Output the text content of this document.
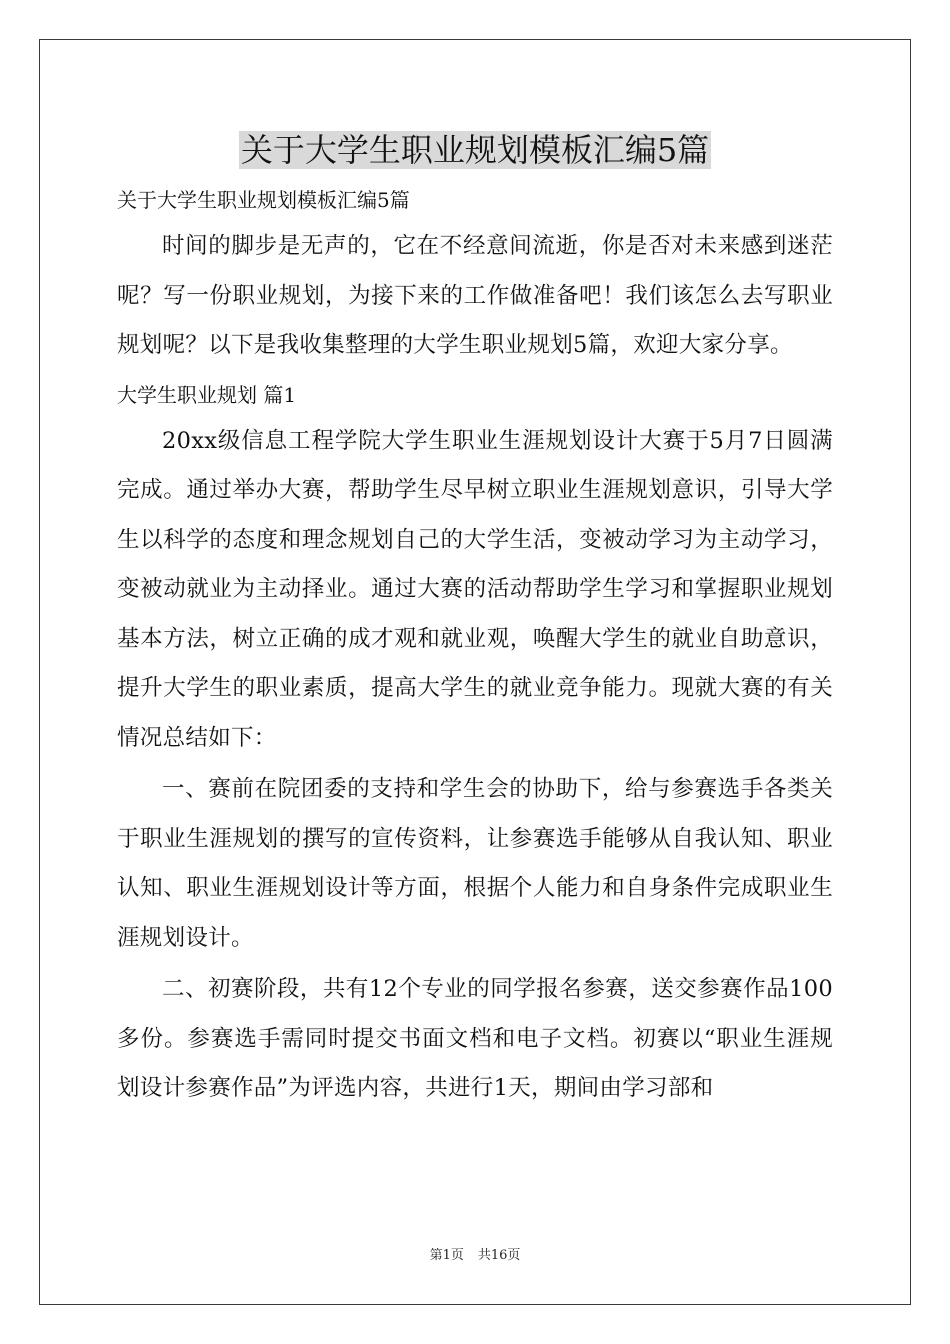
关于大学生职业规划模板汇编5篇

关于大学生职业规划模板汇编5篇

时间的脚步是无声的，它在不经意间流逝，你是否对未来感到迷茫呢？写一份职业规划，为接下来的工作做准备吧！我们该怎么去写职业规划呢？以下是我收集整理的大学生职业规划5篇，欢迎大家分享。

大学生职业规划 篇1

20xx级信息工程学院大学生职业生涯规划设计大赛于5月7日圆满完成。通过举办大赛，帮助学生尽早树立职业生涯规划意识，引导大学生以科学的态度和理念规划自己的大学生活，变被动学习为主动学习，变被动就业为主动择业。通过大赛的活动帮助学生学习和掌握职业规划基本方法，树立正确的成才观和就业观，唤醒大学生的就业自助意识，提升大学生的职业素质，提高大学生的就业竞争能力。现就大赛的有关情况总结如下：

一、赛前在院团委的支持和学生会的协助下，给与参赛选手各类关于职业生涯规划的撰写的宣传资料，让参赛选手能够从自我认知、职业认知、职业生涯规划设计等方面，根据个人能力和自身条件完成职业生涯规划设计。

二、初赛阶段，共有12个专业的同学报名参赛，送交参赛作品100多份。参赛选手需同时提交书面文档和电子文档。初赛以“职业生涯规划设计参赛作品”为评选内容，共进行1天，期间由学习部和

第1页 共16页
